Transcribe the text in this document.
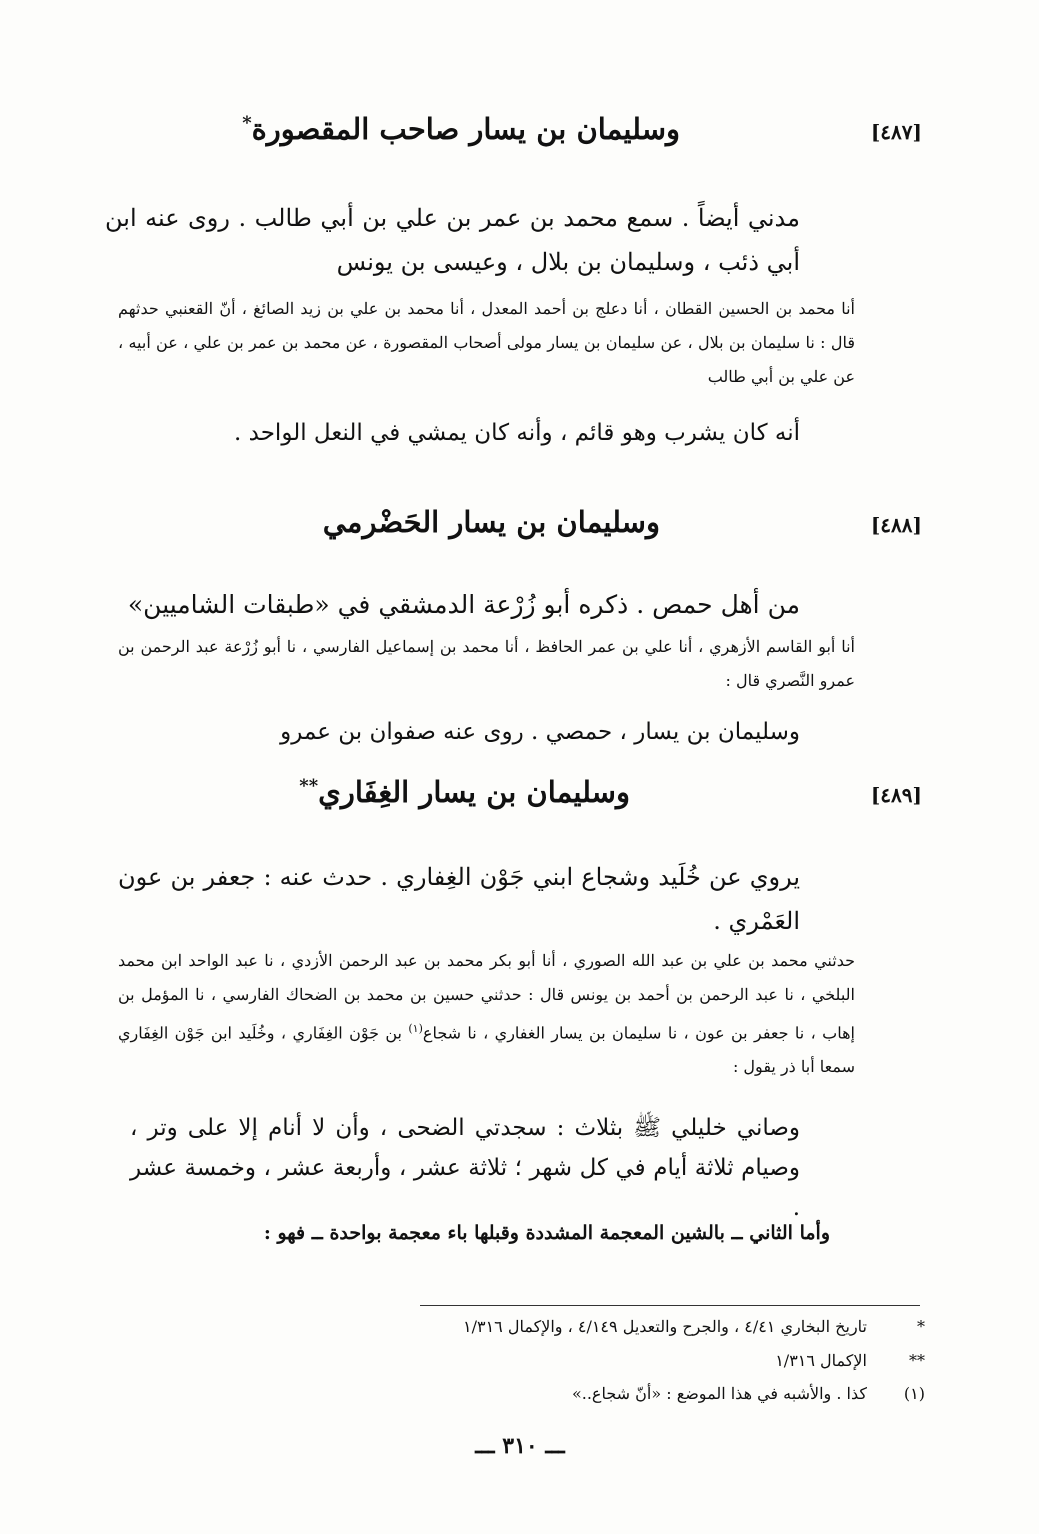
[٤٨٧]
وسليمان بن يسار صاحب المقصورة*
مدني أيضاً . سمع محمد بن عمر بن علي بن أبي طالب . روى عنه ابن أبي ذئب ، وسليمان بن بلال ، وعيسى بن يونس
أنا محمد بن الحسين القطان ، أنا دعلج بن أحمد المعدل ، أنا محمد بن علي بن زيد الصائغ ، أنّ القعنبي حدثهم قال : نا سليمان بن بلال ، عن سليمان بن يسار مولى أصحاب المقصورة ، عن محمد بن عمر بن علي ، عن أبيه ، عن علي بن أبي طالب
أنه كان يشرب وهو قائم ، وأنه كان يمشي في النعل الواحد .
[٤٨٨]
وسليمان بن يسار الحَضْرمي
من أهل حمص . ذكره أبو زُرْعة الدمشقي في «طبقات الشاميين»
أنا أبو القاسم الأزهري ، أنا علي بن عمر الحافظ ، أنا محمد بن إسماعيل الفارسي ، نا أبو زُرْعة عبد الرحمن بن عمرو النَّصري قال :
وسليمان بن يسار ، حمصي . روى عنه صفوان بن عمرو
[٤٨٩]
وسليمان بن يسار الغِفَاري**
يروي عن خُلَيد وشجاع ابني جَوْن الغِفاري . حدث عنه : جعفر بن عون العَمْري .
حدثني محمد بن علي بن عبد الله الصوري ، أنا أبو بكر محمد بن عبد الرحمن الأزدي ، نا عبد الواحد ابن محمد البلخي ، نا عبد الرحمن بن أحمد بن يونس قال : حدثني حسين بن محمد بن الضحاك الفارسي ، نا المؤمل بن إهاب ، نا جعفر بن عون ، نا سليمان بن يسار الغفاري ، نا شجاع$^{(١)}$ بن جَوْن الغِفَاري ، وخُلَيد ابن جَوْن الغِفَاري سمعا أبا ذر يقول :
وصاني خليلي ﷺ بثلاث : سجدتي الضحى ، وأن لا أنام إلا على وتر ، وصيام ثلاثة أيام في كل شهر ؛ ثلاثة عشر ، وأربعة عشر ، وخمسة عشر .
وأما الثاني ــ بالشين المعجمة المشددة وقبلها باء معجمة بواحدة ــ فهو :
*
تاريخ البخاري ٤/٤١ ، والجرح والتعديل ٤/١٤٩ ، والإكمال ١/٣١٦
**
الإكمال ١/٣١٦
(١)
كذا . والأشبه في هذا الموضع : «أنّ شجاع..»
ـــ ٣١٠ ـــ
